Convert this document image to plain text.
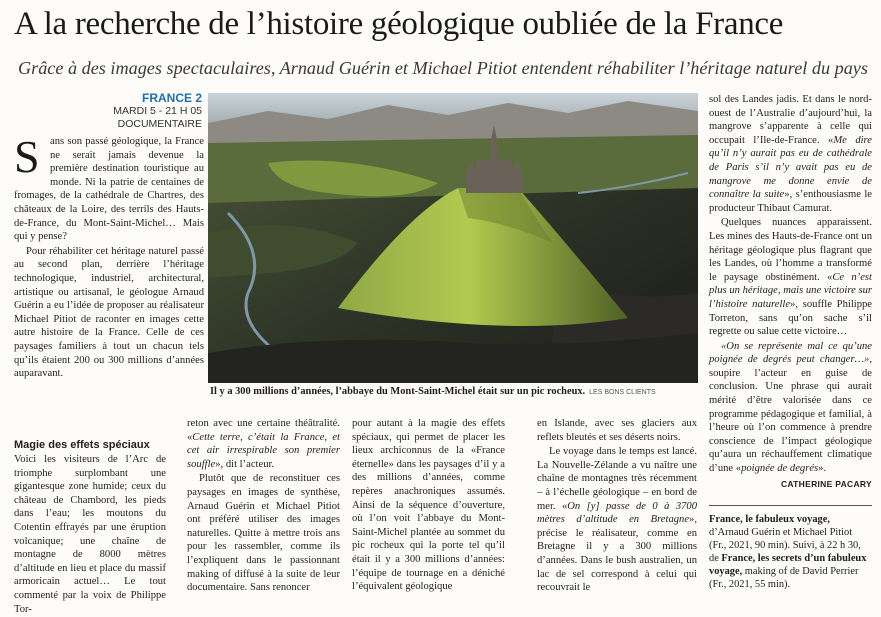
A la recherche de l’histoire géologique oubliée de la France
Grâce à des images spectaculaires, Arnaud Guérin et Michael Pitiot entendent réhabiliter l’héritage naturel du pays
FRANCE 2
MARDI 5 - 21 H 05
DOCUMENTAIRE

Sans son passé géologique, la France ne serait jamais devenue la première destination touristique au monde. Ni la patrie de centaines de fromages, de la cathédrale de Chartres, des châteaux de la Loire, des terrils des Hauts-de-France, du Mont-Saint-Michel… Mais qui y pense?

Pour réhabiliter cet héritage naturel passé au second plan, derrière l’héritage technologique, industriel, architectural, artistique ou artisanal, le géologue Arnaud Guérin a eu l’idée de proposer au réalisateur Michael Pitiot de raconter en images cette autre histoire de la France. Celle de ces paysages familiers à tout un chacun tels qu’ils étaient 200 ou 300 millions d’années auparavant.

Magie des effets spéciaux

Voici les visiteurs de l’Arc de triomphe surplombant une gigantesque zone humide; ceux du château de Chambord, les pieds dans l’eau; les moutons du Cotentin effrayés par une éruption volcanique; une chaîne de montagne de 8000 mètres d’altitude en lieu et place du massif armoricain actuel… Le tout commenté par la voix de Philippe Tor-

Il y a 300 millions d’années, l’abbaye du Mont-Saint-Michel était sur un pic rocheux. LES BONS CLIENTS

reton avec une certaine théâtralité. «Cette terre, c’était la France, et cet air irrespirable son premier souffle», dit l’acteur.

Plutôt que de reconstituer ces paysages en images de synthèse, Arnaud Guérin et Michael Pitiot ont préféré utiliser des images naturelles. Quitte à mettre trois ans pour les rassembler, comme ils l’expliquent dans le passionnant making of diffusé à la suite de leur documentaire. Sans renoncer

pour autant à la magie des effets spéciaux, qui permet de placer les lieux archiconnus de la «France éternelle» dans les paysages d’il y a des millions d’années, comme repères anachroniques assumés. Ainsi de la séquence d’ouverture, où l’on voit l’abbaye du Mont-Saint-Michel plantée au sommet du pic rocheux qui la porte tel qu’il était il y a 300 millions d’années: l’équipe de tournage en a déniché l’équivalent géologique

en Islande, avec ses glaciers aux reflets bleutés et ses déserts noirs.

Le voyage dans le temps est lancé. La Nouvelle-Zélande a vu naître une chaîne de montagnes très récemment – à l’échelle géologique – en bord de mer. «On [y] passe de 0 à 3700 mètres d’altitude en Bretagne», précise le réalisateur, comme en Bretagne il y a 300 millions d’années. Dans le bush australien, un lac de sel correspond à celui qui recouvrait le

sol des Landes jadis. Et dans le nord-ouest de l’Australie d’aujourd’hui, la mangrove s’apparente à celle qui occupait l’Ile-de-France. «Me dire qu’il n’y aurait pas eu de cathédrale de Paris s’il n’y avait pas eu de mangrove me donne envie de connaître la suite», s’enthousiasme le producteur Thibaut Camurat.

Quelques nuances apparaissent. Les mines des Hauts-de-France ont un héritage géologique plus flagrant que les Landes, où l’homme a transformé le paysage obstinément. «Ce n’est plus un héritage, mais une victoire sur l’histoire naturelle», souffle Philippe Torreton, sans qu’on sache s’il regrette ou salue cette victoire…

«On se représente mal ce qu’une poignée de degrés peut changer…», soupire l’acteur en guise de conclusion. Une phrase qui aurait mérité d’être valorisée dans ce programme pédagogique et familial, à l’heure où l’on commence à prendre conscience de l’impact géologique qu’aura un réchauffement climatique d’une «poignée de degrés».

CATHERINE PACARY
France, le fabuleux voyage, d’Arnaud Guérin et Michael Pitiot (Fr., 2021, 90 min). Suivi, à 22 h 30, de France, les secrets d’un fabuleux voyage, making of de David Perrier (Fr., 2021, 55 min).
